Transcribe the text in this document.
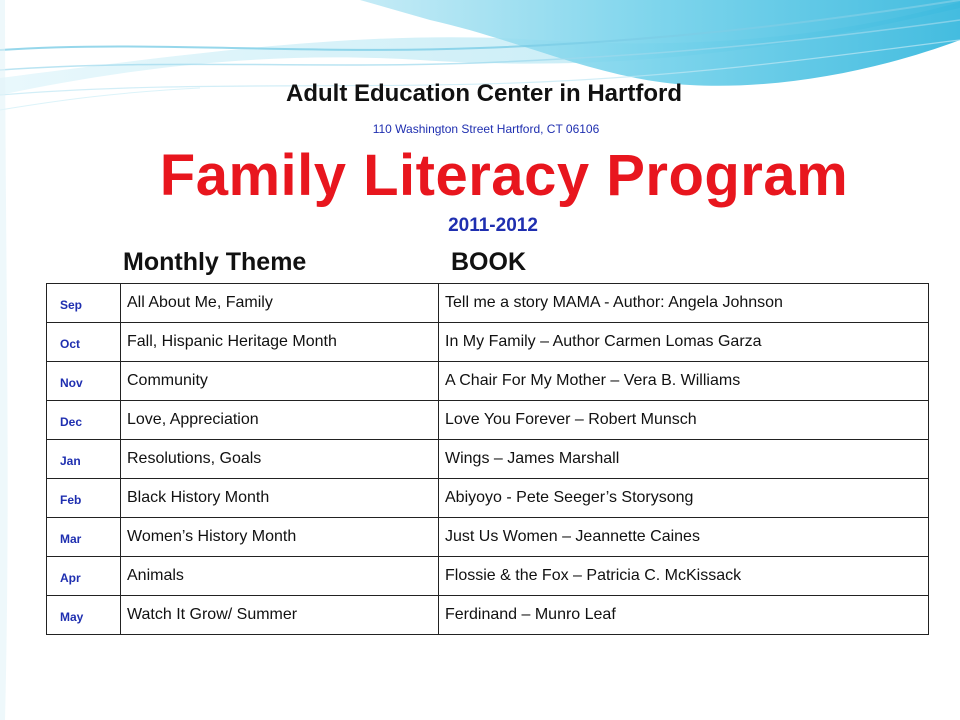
Adult Education Center in Hartford
110 Washington Street Hartford, CT 06106
Family Literacy Program
2011-2012
Monthly Theme	BOOK
Sep	All About Me, Family	Tell me a story MAMA - Author: Angela Johnson
Oct	Fall, Hispanic Heritage Month	In My Family – Author Carmen Lomas Garza
Nov	Community	A Chair For My Mother – Vera B. Williams
Dec	Love, Appreciation	Love You Forever – Robert Munsch
Jan	Resolutions, Goals	Wings – James Marshall
Feb	Black History Month	Abiyoyo - Pete Seeger’s Storysong
Mar	Women’s History Month	Just Us Women – Jeannette Caines
Apr	Animals	Flossie & the Fox – Patricia C. McKissack
May	Watch It Grow/ Summer	Ferdinand – Munro Leaf
